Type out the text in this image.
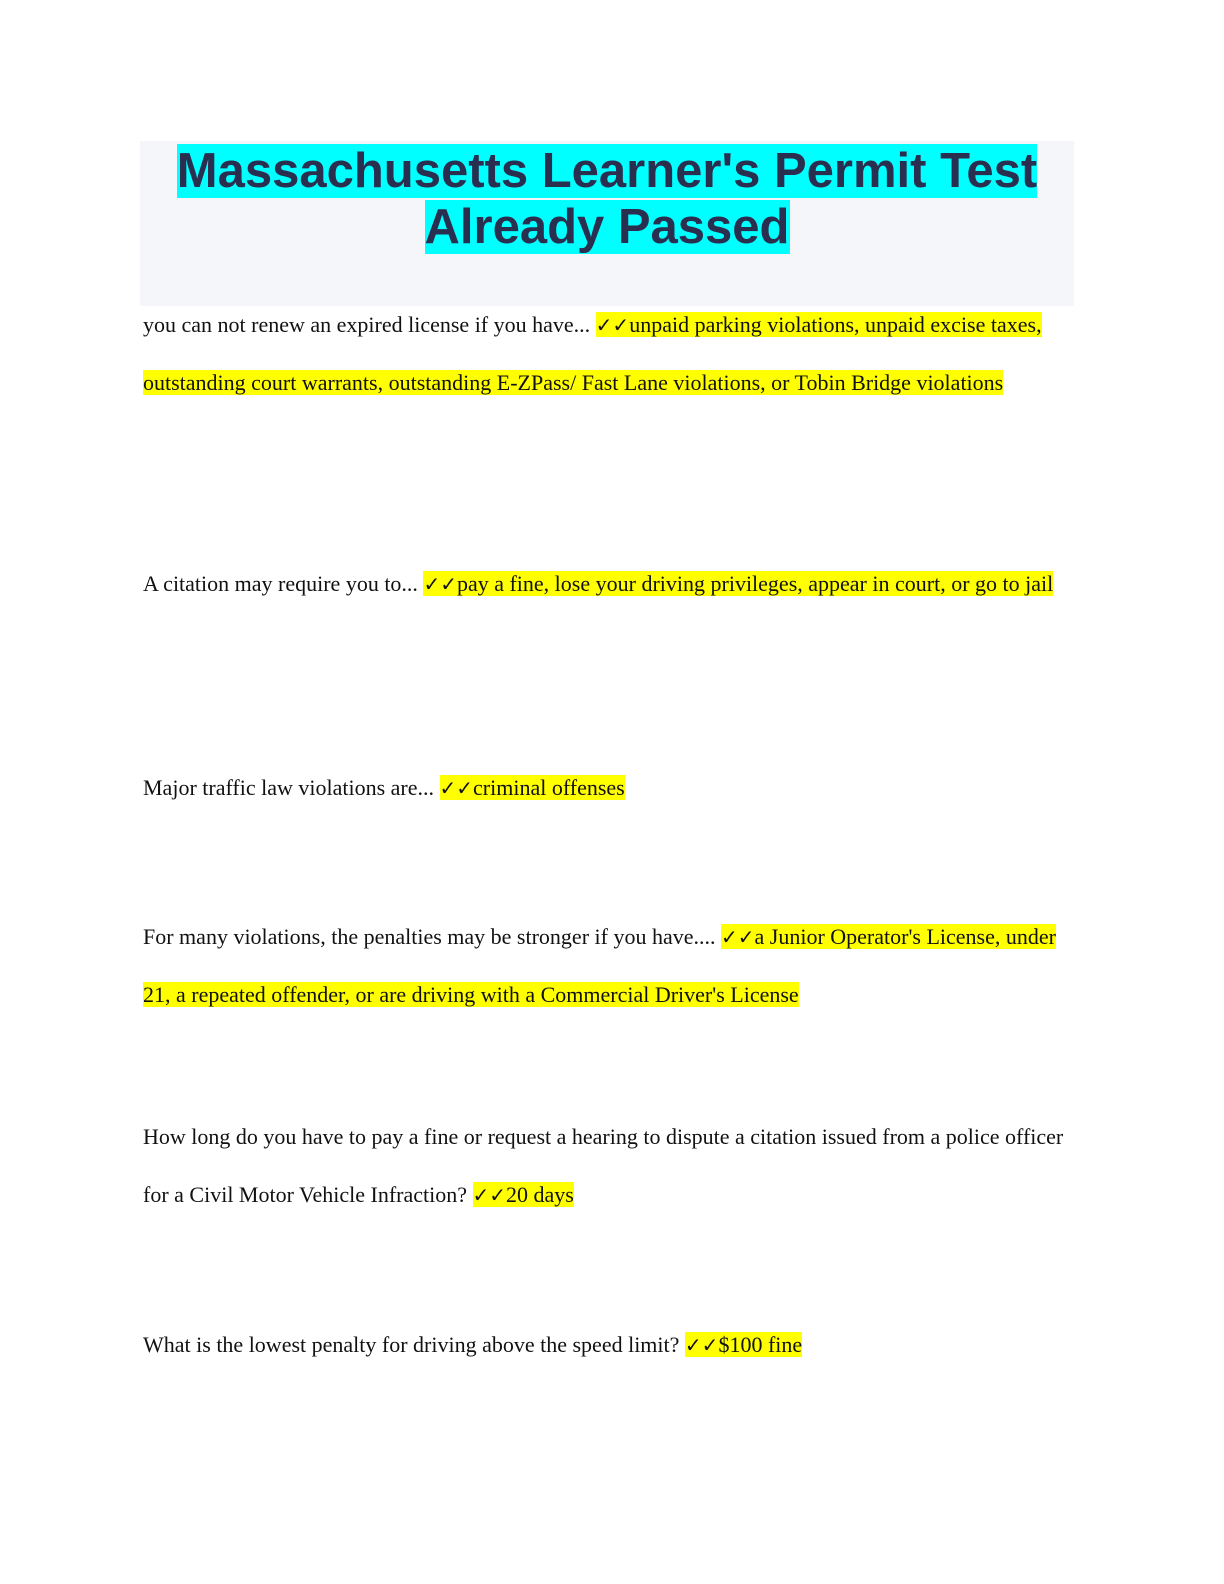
Massachusetts Learner's Permit Test
Already Passed

you can not renew an expired license if you have... ✓✓unpaid parking violations, unpaid excise taxes, outstanding court warrants, outstanding E-ZPass/ Fast Lane violations, or Tobin Bridge violations

A citation may require you to... ✓✓pay a fine, lose your driving privileges, appear in court, or go to jail

Major traffic law violations are... ✓✓criminal offenses

For many violations, the penalties may be stronger if you have.... ✓✓a Junior Operator's License, under 21, a repeated offender, or are driving with a Commercial Driver's License

How long do you have to pay a fine or request a hearing to dispute a citation issued from a police officer for a Civil Motor Vehicle Infraction? ✓✓20 days

What is the lowest penalty for driving above the speed limit? ✓✓$100 fine
